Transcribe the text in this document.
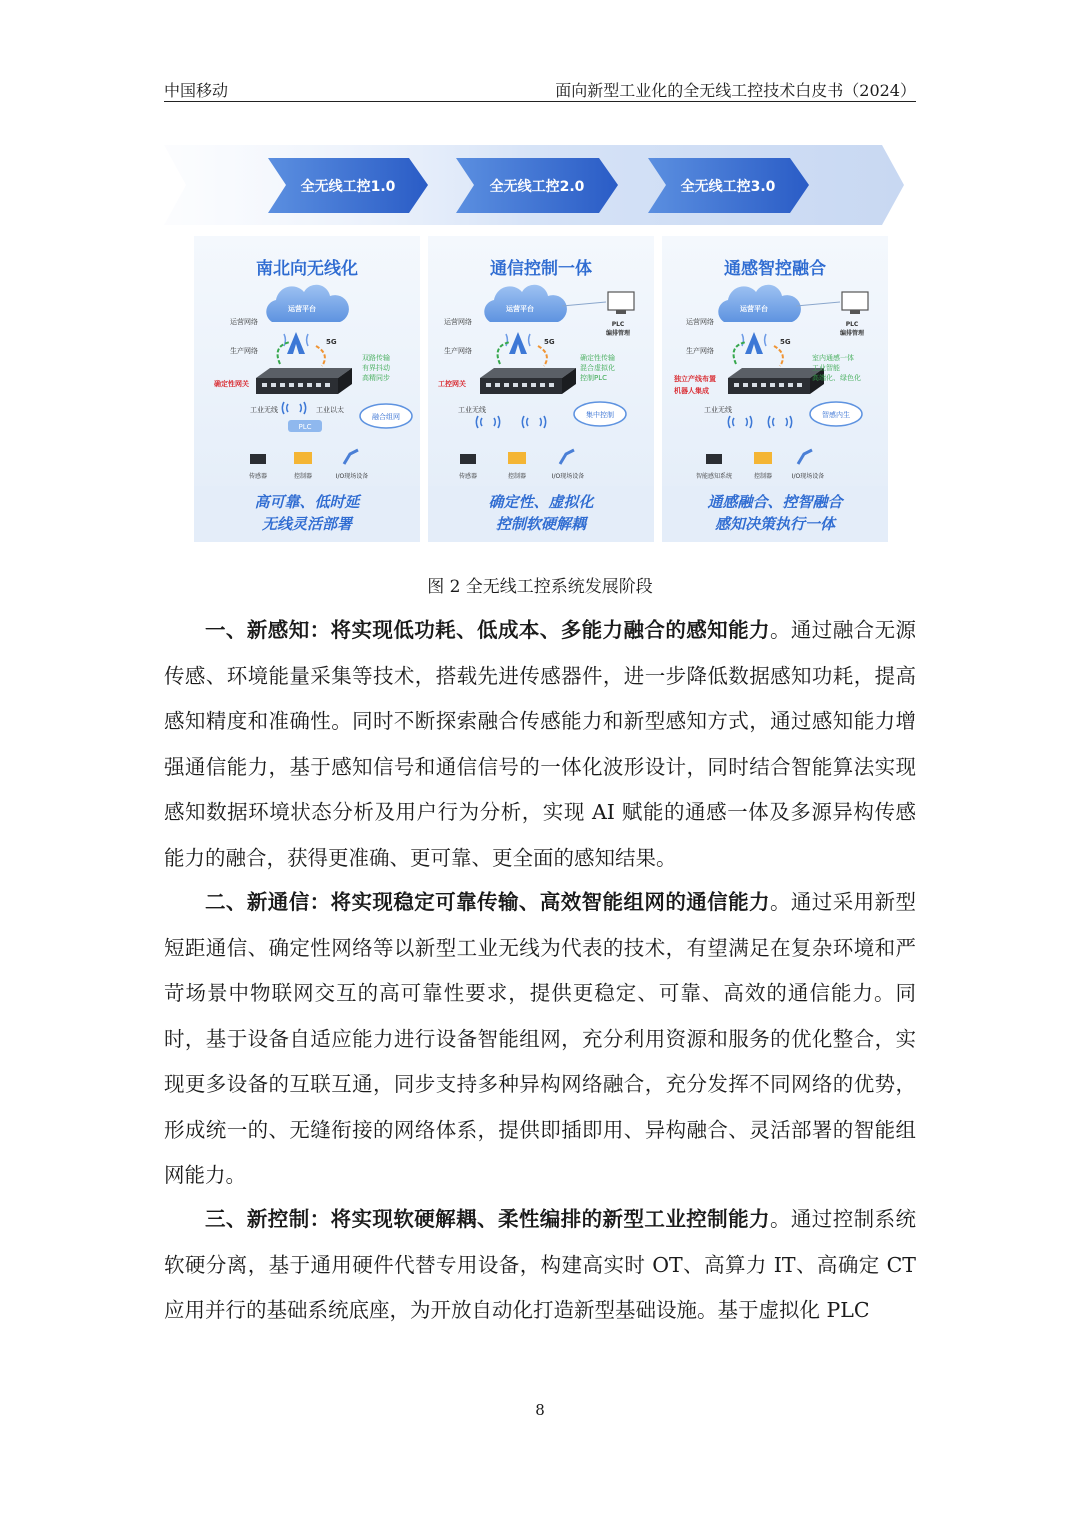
中国移动	面向新型工业化的全无线工控技术白皮书（2024）
全无线工控1.0	全无线工控2.0	全无线工控3.0
南北向无线化
运营平台
运营网络
生产网络
5G
确定性网关
双路传输
有界抖动
高精同步
工业无线	工业以太
PLC
融合组网
传感器	控制器	I/O现场设备
高可靠、低时延
无线灵活部署
通信控制一体
运营平台
PLC
编排管理
运营网络
生产网络
5G
工控网关
确定性传输
混合虚拟化
控制PLC
工业无线
集中控制
传感器	控制器	I/O现场设备
确定性、虚拟化
控制软硬解耦
通感智控融合
运营平台
PLC
编排管理
运营网络
生产网络
5G
独立产线布置
机器人集成
室内通感一体
工业智能
高端化、绿色化
工业无线
智感内生
智能感知系统	控制器	I/O现场设备
通感融合、控智融合
感知决策执行一体
图 2 全无线工控系统发展阶段

一、新感知：将实现低功耗、低成本、多能力融合的感知能力。通过融合无源传感、环境能量采集等技术，搭载先进传感器件，进一步降低数据感知功耗，提高感知精度和准确性。同时不断探索融合传感能力和新型感知方式，通过感知能力增强通信能力，基于感知信号和通信信号的一体化波形设计，同时结合智能算法实现感知数据环境状态分析及用户行为分析，实现 AI 赋能的通感一体及多源异构传感能力的融合，获得更准确、更可靠、更全面的感知结果。

二、新通信：将实现稳定可靠传输、高效智能组网的通信能力。通过采用新型短距通信、确定性网络等以新型工业无线为代表的技术，有望满足在复杂环境和严苛场景中物联网交互的高可靠性要求，提供更稳定、可靠、高效的通信能力。同时，基于设备自适应能力进行设备智能组网，充分利用资源和服务的优化整合，实现更多设备的互联互通，同步支持多种异构网络融合，充分发挥不同网络的优势，形成统一的、无缝衔接的网络体系，提供即插即用、异构融合、灵活部署的智能组网能力。

三、新控制：将实现软硬解耦、柔性编排的新型工业控制能力。通过控制系统软硬分离，基于通用硬件代替专用设备，构建高实时 OT、高算力 IT、高确定 CT 应用并行的基础系统底座，为开放自动化打造新型基础设施。基于虚拟化 PLC

8
